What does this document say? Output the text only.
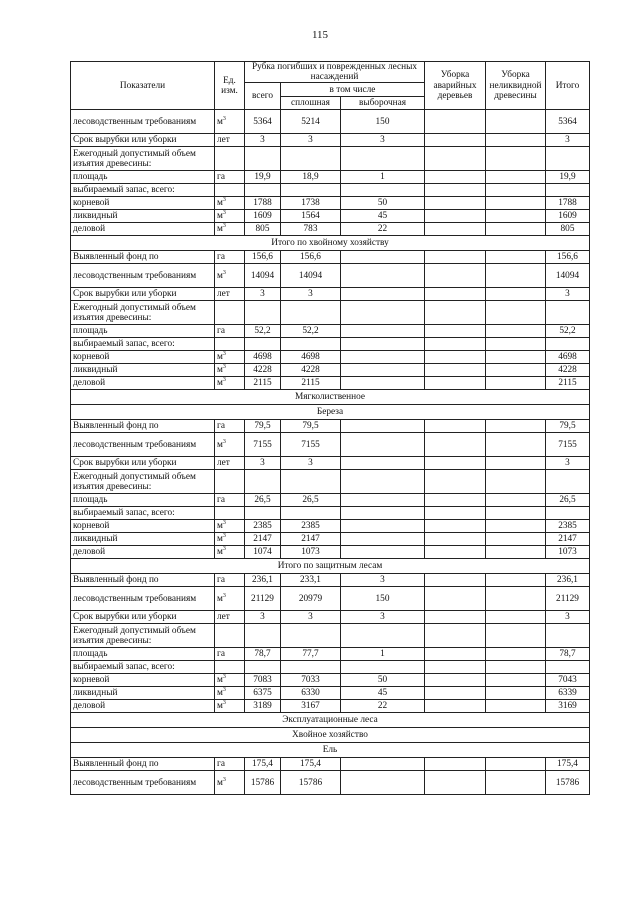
115
Показатели	Ед. изм.	Рубка погибших и поврежденных лесных насаждений			Уборка аварийных деревьев	Уборка неликвидной древесины	Итого
		всего	в том числе				
			сплошная	выборочная			
лесоводственным требованиям	$м^3$	5364	5214	150			5364
Срок вырубки или уборки	лет	3	3	3			3
Ежегодный допустимый объем изъятия древесины:							
площадь	га	19,9	18,9	1			19,9
выбираемый запас, всего:							
корневой	$м^3$	1788	1738	50			1788
ликвидный	$м^3$	1609	1564	45			1609
деловой	$м^3$	805	783	22			805
Итого по хвойному хозяйству							
Выявленный фонд по	га	156,6	156,6				156,6
лесоводственным требованиям	$м^3$	14094	14094				14094
Срок вырубки или уборки	лет	3	3				3
Ежегодный допустимый объем изъятия древесины:							
площадь	га	52,2	52,2				52,2
выбираемый запас, всего:							
корневой	$м^3$	4698	4698				4698
ликвидный	$м^3$	4228	4228				4228
деловой	$м^3$	2115	2115				2115
Мягколиственное							
Береза							
Выявленный фонд по	га	79,5	79,5				79,5
лесоводственным требованиям	$м^3$	7155	7155				7155
Срок вырубки или уборки	лет	3	3				3
Ежегодный допустимый объем изъятия древесины:							
площадь	га	26,5	26,5				26,5
выбираемый запас, всего:							
корневой	$м^3$	2385	2385				2385
ликвидный	$м^3$	2147	2147				2147
деловой	$м^3$	1074	1073				1073
Итого по защитным лесам							
Выявленный фонд по	га	236,1	233,1	3			236,1
лесоводственным требованиям	$м^3$	21129	20979	150			21129
Срок вырубки или уборки	лет	3	3	3			3
Ежегодный допустимый объем изъятия древесины:							
площадь	га	78,7	77,7	1			78,7
выбираемый запас, всего:							
корневой	$м^3$	7083	7033	50			7043
ликвидный	$м^3$	6375	6330	45			6339
деловой	$м^3$	3189	3167	22			3169
Эксплуатационные леса							
Хвойное хозяйство							
Ель							
Выявленный фонд по	га	175,4	175,4				175,4
лесоводственным требованиям	$м^3$	15786	15786				15786
